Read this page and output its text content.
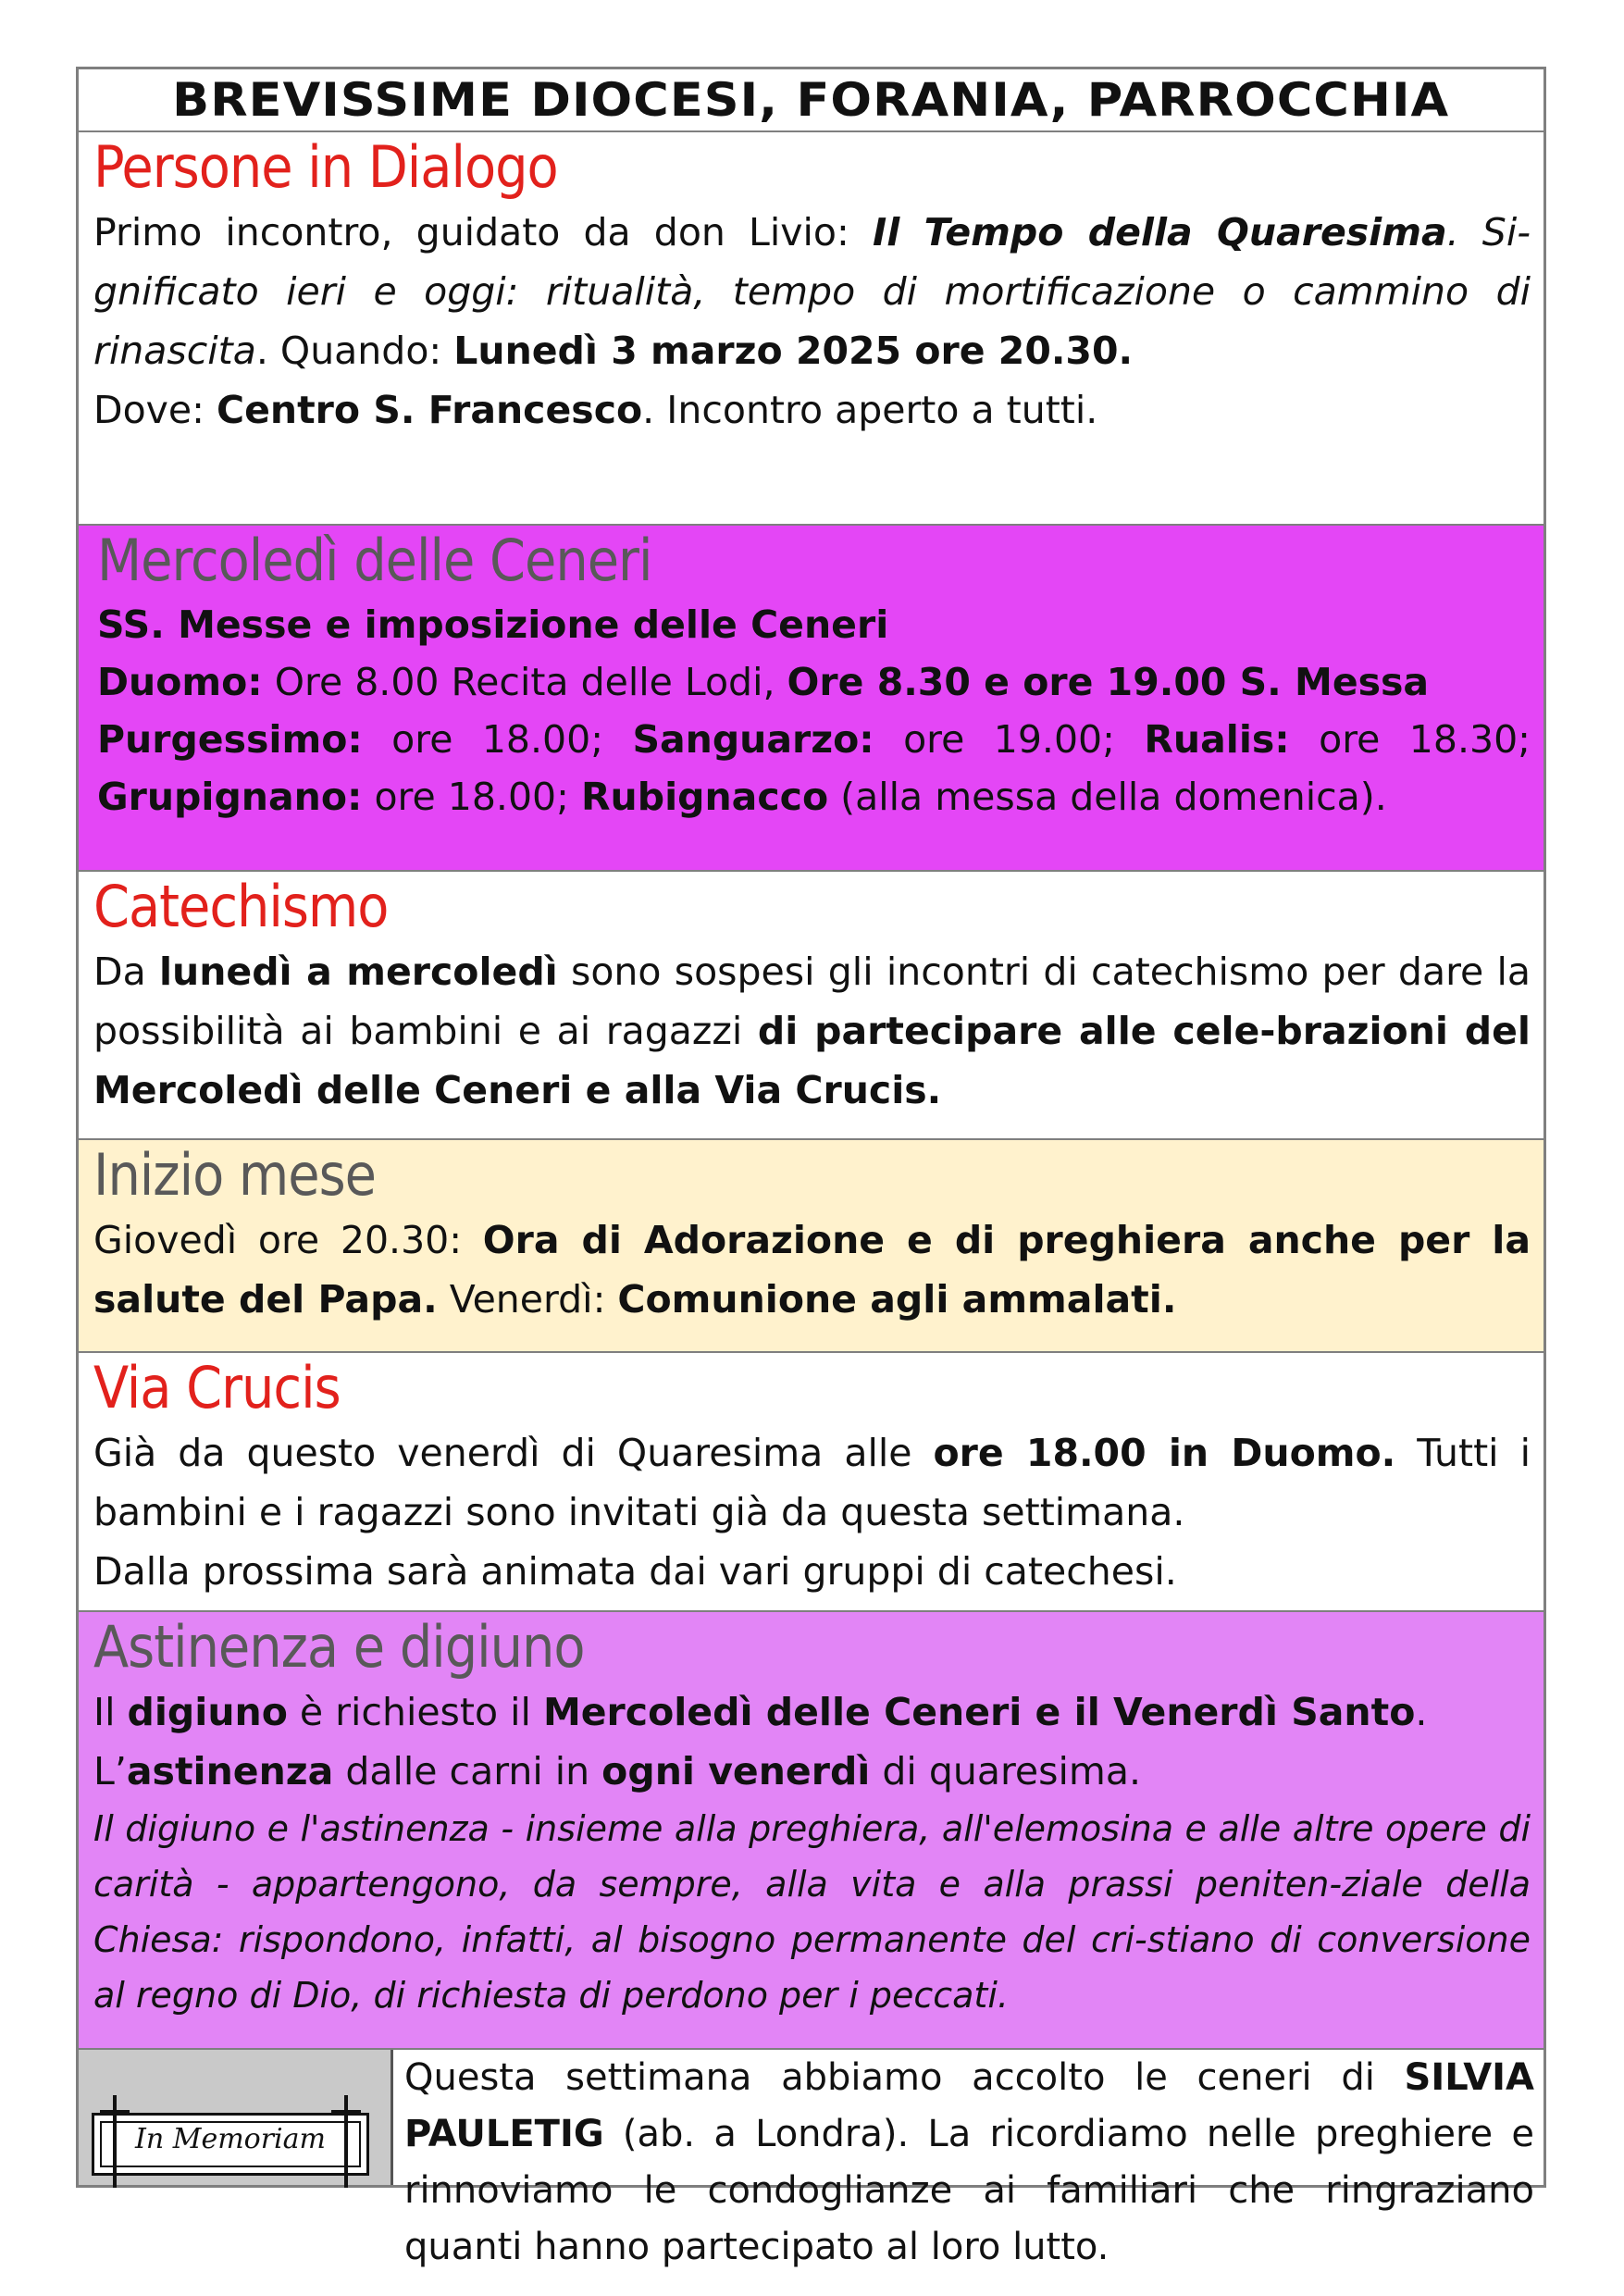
BREVISSIME DIOCESI, FORANIA, PARROCCHIA
Persone in Dialogo

Primo incontro, guidato da don Livio: Il Tempo della Quaresima. Si-gnificato ieri e oggi: ritualità, tempo di mortificazione o cammino di rinascita. Quando: Lunedì 3 marzo 2025 ore 20.30.

Dove: Centro S. Francesco. Incontro aperto a tutti.

Mercoledì delle Ceneri

SS. Messe e imposizione delle Ceneri

Duomo: Ore 8.00 Recita delle Lodi, Ore 8.30 e ore 19.00 S. Messa

Purgessimo: ore 18.00; Sanguarzo: ore 19.00; Rualis: ore 18.30; Grupignano: ore 18.00; Rubignacco (alla messa della domenica).

Catechismo

Da lunedì a mercoledì sono sospesi gli incontri di catechismo per dare la possibilità ai bambini e ai ragazzi di partecipare alle cele-brazioni del Mercoledì delle Ceneri e alla Via Crucis.

Inizio mese

Giovedì ore 20.30: Ora di Adorazione e di preghiera anche per la salute del Papa. Venerdì: Comunione agli ammalati.

Via Crucis

Già da questo venerdì di Quaresima alle ore 18.00 in Duomo. Tutti i bambini e i ragazzi sono invitati già da questa settimana.

Dalla prossima sarà animata dai vari gruppi di catechesi.

Astinenza e digiuno

Il digiuno è richiesto il Mercoledì delle Ceneri e il Venerdì Santo.

L’astinenza dalle carni in ogni venerdì di quaresima.

Il digiuno e l'astinenza - insieme alla preghiera, all'elemosina e alle altre opere di carità - appartengono, da sempre, alla vita e alla prassi peniten-ziale della Chiesa: rispondono, infatti, al bisogno permanente del cri-stiano di conversione al regno di Dio, di richiesta di perdono per i peccati.

In Memoriam
Questa settimana abbiamo accolto le ceneri di SILVIA PAULETIG (ab. a Londra). La ricordiamo nelle preghiere e rinnoviamo le condoglianze ai familiari che ringraziano quanti hanno partecipato al loro lutto.
